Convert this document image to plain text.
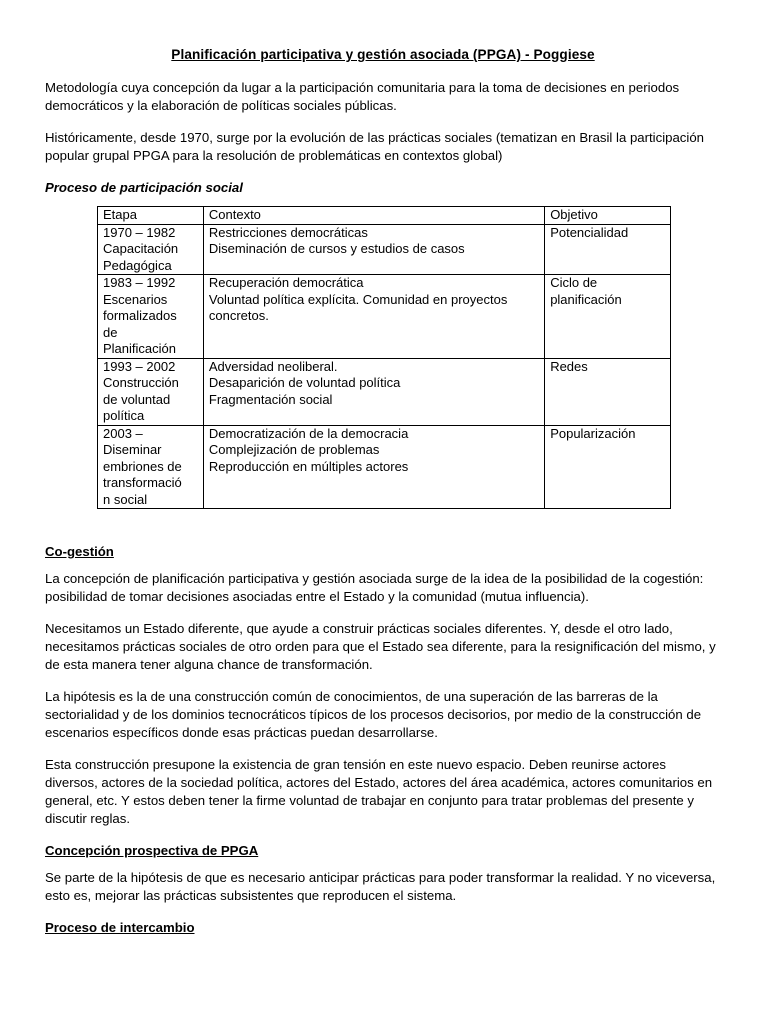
Planificación participativa y gestión asociada (PPGA) - Poggiese

Metodología cuya concepción da lugar a la participación comunitaria para la toma de decisiones en periodos democráticos y la elaboración de políticas sociales públicas.

Históricamente, desde 1970, surge por la evolución de las prácticas sociales (tematizan en Brasil la participación popular grupal PPGA para la resolución de problemáticas en contextos global)

Proceso de participación social
Etapa	Contexto	Objetivo

1970 – 1982
Capacitación
Pedagógica	Restricciones democráticas
Diseminación de cursos y estudios de casos	Potencialidad

1983 – 1992
Escenarios
formalizados
de
Planificación	Recuperación democrática
Voluntad política explícita. Comunidad en proyectos
concretos.	Ciclo de
planificación

1993 – 2002
Construcción
de voluntad
política	Adversidad neoliberal.
Desaparición de voluntad política
Fragmentación social	Redes

2003 –
Diseminar
embriones de
transformació
n social	Democratización de la democracia
Complejización de problemas
Reproducción en múltiples actores	Popularización
Co-gestión

La concepción de planificación participativa y gestión asociada surge de la idea de la posibilidad de la cogestión: posibilidad de tomar decisiones asociadas entre el Estado y la comunidad (mutua influencia).

Necesitamos un Estado diferente, que ayude a construir prácticas sociales diferentes. Y, desde el otro lado, necesitamos prácticas sociales de otro orden para que el Estado sea diferente, para la resignificación del mismo, y de esta manera tener alguna chance de transformación.

La hipótesis es la de una construcción común de conocimientos, de una superación de las barreras de la sectorialidad y de los dominios tecnocráticos típicos de los procesos decisorios, por medio de la construcción de escenarios específicos donde esas prácticas puedan desarrollarse.

Esta construcción presupone la existencia de gran tensión en este nuevo espacio. Deben reunirse actores diversos, actores de la sociedad política, actores del Estado, actores del área académica, actores comunitarios en general, etc. Y estos deben tener la firme voluntad de trabajar en conjunto para tratar problemas del presente y discutir reglas.

Concepción prospectiva de PPGA

Se parte de la hipótesis de que es necesario anticipar prácticas para poder transformar la realidad. Y no viceversa, esto es, mejorar las prácticas subsistentes que reproducen el sistema.

Proceso de intercambio
